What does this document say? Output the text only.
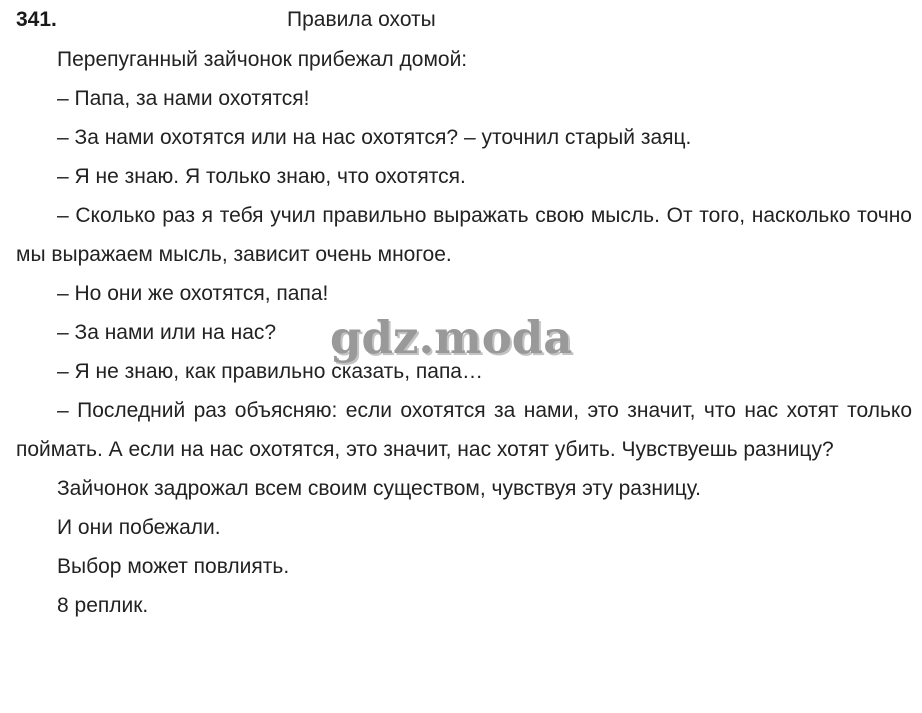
341.	Правила охоты

Перепуганный зайчонок прибежал домой:

– Папа, за нами охотятся!

– За нами охотятся или на нас охотятся? – уточнил старый заяц.

– Я не знаю. Я только знаю, что охотятся.

– Сколько раз я тебя учил правильно выражать свою мысль. От того, насколько точно мы выражаем мысль, зависит очень многое.

– Но они же охотятся, папа!

– За нами или на нас?

– Я не знаю, как правильно сказать, папа…

– Последний раз объясняю: если охотятся за нами, это значит, что нас хотят только поймать. А если на нас охотятся, это значит, нас хотят убить. Чувствуешь разницу?

Зайчонок задрожал всем своим существом, чувствуя эту разницу.

И они побежали.

Выбор может повлиять.

8 реплик.

gdz.moda
